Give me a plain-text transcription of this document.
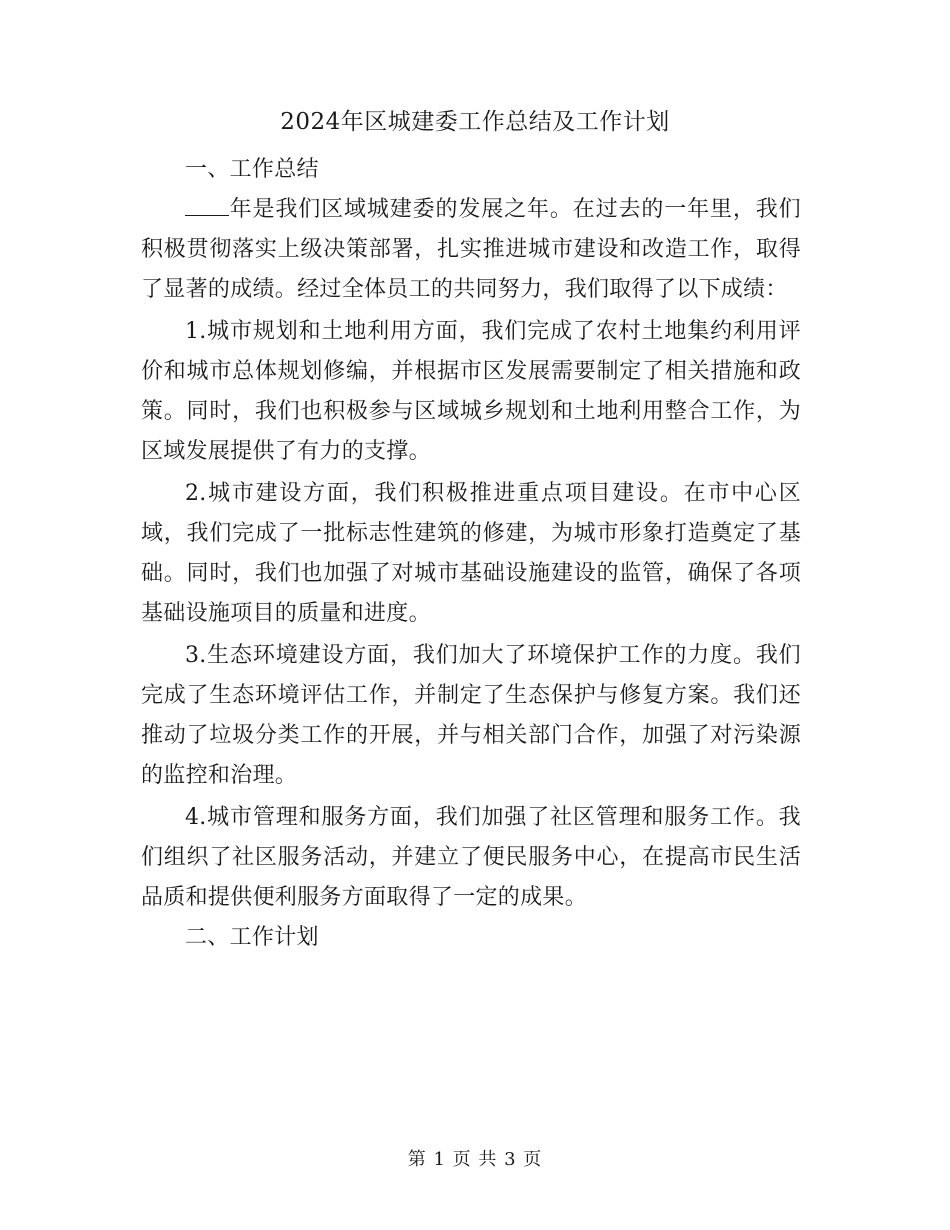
2024年区城建委工作总结及工作计划

一、工作总结

年是我们区域城建委的发展之年。在过去的一年里，我们积极贯彻落实上级决策部署，扎实推进城市建设和改造工作，取得了显著的成绩。经过全体员工的共同努力，我们取得了以下成绩：

1.城市规划和土地利用方面，我们完成了农村土地集约利用评价和城市总体规划修编，并根据市区发展需要制定了相关措施和政策。同时，我们也积极参与区域城乡规划和土地利用整合工作，为区域发展提供了有力的支撑。

2.城市建设方面，我们积极推进重点项目建设。在市中心区域，我们完成了一批标志性建筑的修建，为城市形象打造奠定了基础。同时，我们也加强了对城市基础设施建设的监管，确保了各项基础设施项目的质量和进度。

3.生态环境建设方面，我们加大了环境保护工作的力度。我们完成了生态环境评估工作，并制定了生态保护与修复方案。我们还推动了垃圾分类工作的开展，并与相关部门合作，加强了对污染源的监控和治理。

4.城市管理和服务方面，我们加强了社区管理和服务工作。我们组织了社区服务活动，并建立了便民服务中心，在提高市民生活品质和提供便利服务方面取得了一定的成果。

二、工作计划

第 1 页 共 3 页
